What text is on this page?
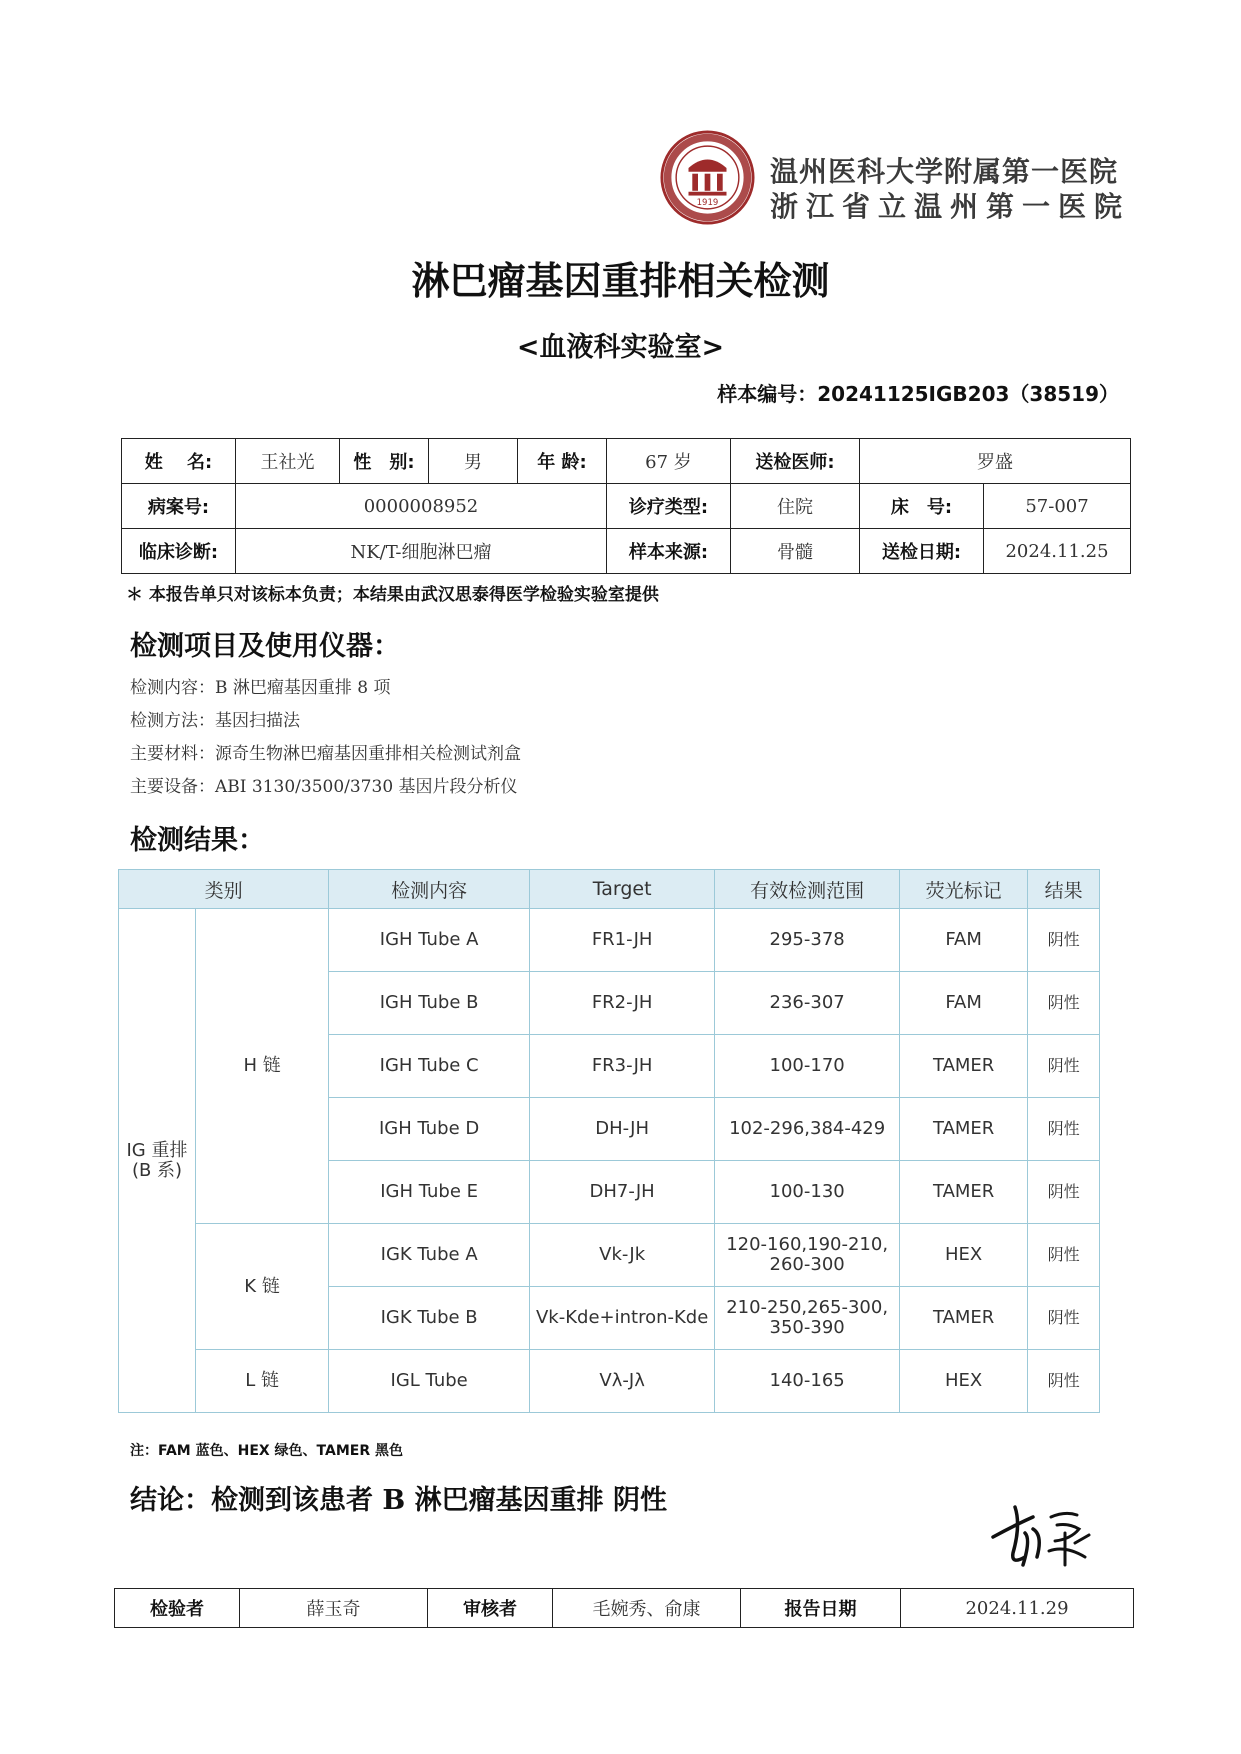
1919
温州医科大学附属第一医院
浙江省立温州第一医院
淋巴瘤基因重排相关检测
<血液科实验室>
样本编号：20241125IGB203（38519）
姓　 名:	王社光	性　别:	男	年 龄:	67 岁	送检医师:	罗盛	
病案号:	0000008952				诊疗类型:	住院	床　号:	57-007
临床诊断:	NK/T-细胞淋巴瘤				样本来源:	骨髓	送检日期:	2024.11.25
＊ 本报告单只对该标本负责；本结果由武汉思泰得医学检验实验室提供
检测项目及使用仪器：
检测内容：B 淋巴瘤基因重排 8 项
检测方法：基因扫描法
主要材料：源奇生物淋巴瘤基因重排相关检测试剂盒
主要设备：ABI 3130/3500/3730 基因片段分析仪
检测结果：
类别		检测内容	Target	有效检测范围	荧光标记	结果
IG 重排(B 系)	H 链	IGH Tube A	FR1-JH	295-378	FAM	阴性
		IGH Tube B	FR2-JH	236-307	FAM	阴性
		IGH Tube C	FR3-JH	100-170	TAMER	阴性
		IGH Tube D	DH-JH	102-296,384-429	TAMER	阴性
		IGH Tube E	DH7-JH	100-130	TAMER	阴性
	K 链	IGK Tube A	Vk-Jk	120-160,190-210, 260-300	HEX	阴性
		IGK Tube B	Vk-Kde+intron-Kde	210-250,265-300, 350-390	TAMER	阴性
	L 链	IGL Tube	Vλ-Jλ	140-165	HEX	阴性
注：FAM 蓝色、HEX 绿色、TAMER 黑色
结论：检测到该患者 B 淋巴瘤基因重排 阴性
检验者	薛玉奇	审核者	毛婉秀、俞康	报告日期	2024.11.29
